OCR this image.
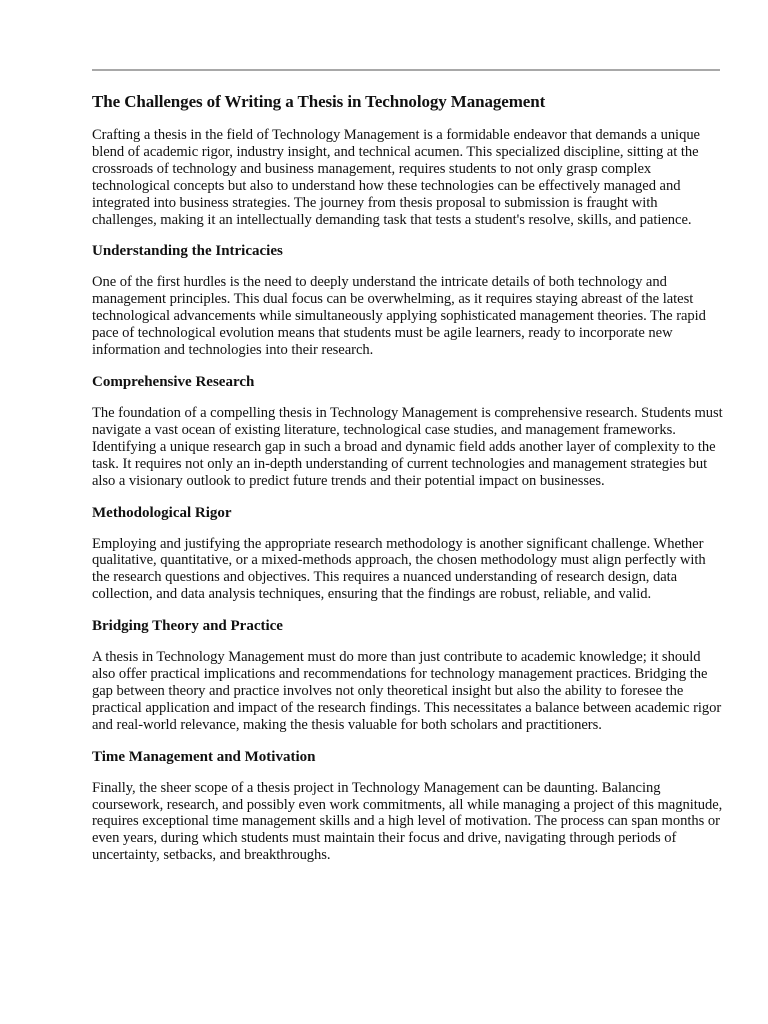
The Challenges of Writing a Thesis in Technology Management

Crafting a thesis in the field of Technology Management is a formidable endeavor that demands a unique blend of academic rigor, industry insight, and technical acumen. This specialized discipline, sitting at the crossroads of technology and business management, requires students to not only grasp complex technological concepts but also to understand how these technologies can be effectively managed and integrated into business strategies. The journey from thesis proposal to submission is fraught with challenges, making it an intellectually demanding task that tests a student's resolve, skills, and patience.

Understanding the Intricacies

One of the first hurdles is the need to deeply understand the intricate details of both technology and management principles. This dual focus can be overwhelming, as it requires staying abreast of the latest technological advancements while simultaneously applying sophisticated management theories. The rapid pace of technological evolution means that students must be agile learners, ready to incorporate new information and technologies into their research.

Comprehensive Research

The foundation of a compelling thesis in Technology Management is comprehensive research. Students must navigate a vast ocean of existing literature, technological case studies, and management frameworks. Identifying a unique research gap in such a broad and dynamic field adds another layer of complexity to the task. It requires not only an in-depth understanding of current technologies and management strategies but also a visionary outlook to predict future trends and their potential impact on businesses.

Methodological Rigor

Employing and justifying the appropriate research methodology is another significant challenge. Whether qualitative, quantitative, or a mixed-methods approach, the chosen methodology must align perfectly with the research questions and objectives. This requires a nuanced understanding of research design, data collection, and data analysis techniques, ensuring that the findings are robust, reliable, and valid.

Bridging Theory and Practice

A thesis in Technology Management must do more than just contribute to academic knowledge; it should also offer practical implications and recommendations for technology management practices. Bridging the gap between theory and practice involves not only theoretical insight but also the ability to foresee the practical application and impact of the research findings. This necessitates a balance between academic rigor and real-world relevance, making the thesis valuable for both scholars and practitioners.

Time Management and Motivation

Finally, the sheer scope of a thesis project in Technology Management can be daunting. Balancing coursework, research, and possibly even work commitments, all while managing a project of this magnitude, requires exceptional time management skills and a high level of motivation. The process can span months or even years, during which students must maintain their focus and drive, navigating through periods of uncertainty, setbacks, and breakthroughs.
